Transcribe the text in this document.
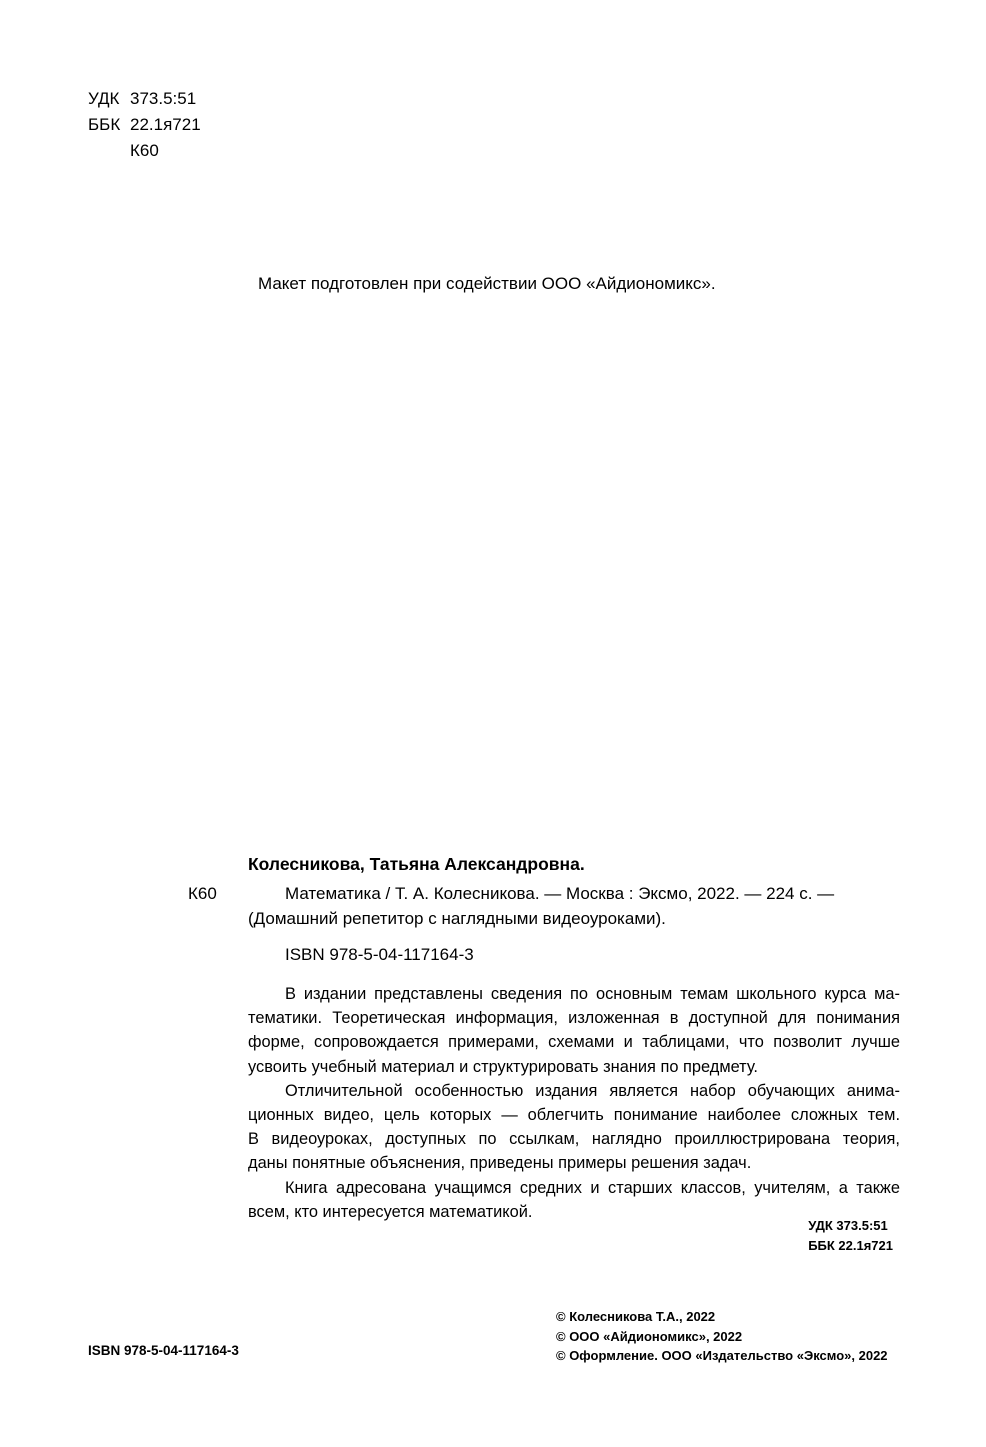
УДК 373.5:51
ББК 22.1я721
К60
Макет подготовлен при содействии ООО «Айдиономикс».
Колесникова, Татьяна Александровна.
К60	Математика / Т. А. Колесникова. — Москва : Эксмо, 2022. — 224 с. —
(Домашний репетитор с наглядными видеоуроками).
ISBN 978-5-04-117164-3
В издании представлены сведения по основным темам школьного курса ма-
тематики. Теоретическая информация, изложенная в доступной для понимания
форме, сопровождается примерами, схемами и таблицами, что позволит лучше
усвоить учебный материал и структурировать знания по предмету.
Отличительной особенностью издания является набор обучающих анима-
ционных видео, цель которых — облегчить понимание наиболее сложных тем.
В видеоуроках, доступных по ссылкам, наглядно проиллюстрирована теория,
даны понятные объяснения, приведены примеры решения задач.
Книга адресована учащимся средних и старших классов, учителям, а также
всем, кто интересуется математикой.
УДК 373.5:51
ББК 22.1я721
ISBN 978-5-04-117164-3
© Колесникова Т.А., 2022
© ООО «Айдиономикс», 2022
© Оформление. ООО «Издательство «Эксмо», 2022
